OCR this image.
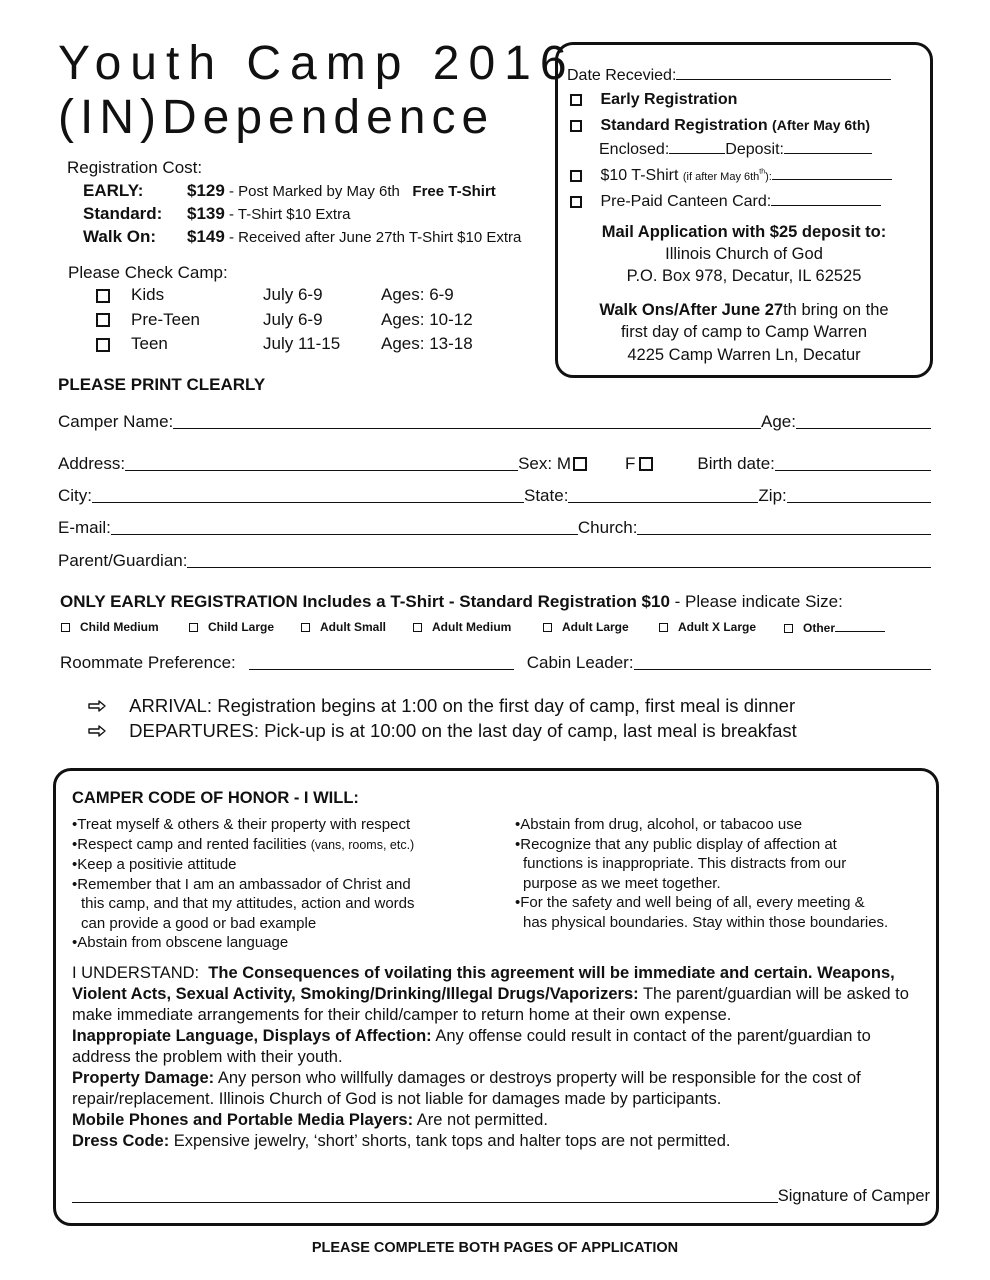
Youth Camp 2016
(IN)Dependence
Registration Cost:
EARLY:	$129 - Post Marked by May 6th Free T-Shirt
Standard: $139 - T-Shirt $10 Extra
Walk On: $149 - Received after June 27th T-Shirt $10 Extra
Please Check Camp:
Kids	July 6-9	Ages: 6-9
Pre-Teen	July 6-9	Ages: 10-12
Teen	July 11-15 Ages: 13-18
Date Recevied:
Early Registration
Standard Registration (After May 6th)
Enclosed:	Deposit:
$10 T-Shirt (if after May $6th^{th}$):
Pre-Paid Canteen Card:
Mail Application with $25 deposit to:
Illinois Church of God
P.O. Box 978, Decatur, IL 62525
Walk Ons/After June 27th bring on the
first day of camp to Camp Warren
4225 Camp Warren Ln, Decatur
PLEASE PRINT CLEARLY
Camper Name:	Age:
Address:	Sex: M	F	Birth date:
City:	State:	Zip:
E-mail:	Church:
Parent/Guardian:
ONLY EARLY REGISTRATION Includes a T-Shirt - Standard Registration $10 - Please indicate Size:
Child Medium	Child Large	Adult Small	Adult Medium	Adult Large	Adult X Large	Other
Roommate Preference:	Cabin Leader:
ARRIVAL: Registration begins at 1:00 on the first day of camp, first meal is dinner
DEPARTURES: Pick-up is at 10:00 on the last day of camp, last meal is breakfast
CAMPER CODE OF HONOR - I WILL:
•Treat myself & others & their property with respect
•Respect camp and rented facilities (vans, rooms, etc.)
•Keep a positivie attitude
•Remember that I am an ambassador of Christ and
this camp, and that my attitudes, action and words
can provide a good or bad example
•Abstain from obscene language
•Abstain from drug, alcohol, or tabacoo use
•Recognize that any public display of affection at
functions is inappropriate. This distracts from our
purpose as we meet together.
•For the safety and well being of all, every meeting &
has physical boundaries. Stay within those boundaries.
I UNDERSTAND: The Consequences of voilating this agreement will be immediate and certain. Weapons, Violent Acts, Sexual Activity, Smoking/Drinking/Illegal Drugs/Vaporizers: The parent/guardian will be asked to make immediate arrangements for their child/camper to return home at their own expense.
Inappropiate Language, Displays of Affection: Any offense could result in contact of the parent/guardian to address the problem with their youth.
Property Damage: Any person who willfully damages or destroys property will be responsible for the cost of repair/replacement. Illinois Church of God is not liable for damages made by participants.
Mobile Phones and Portable Media Players: Are not permitted.
Dress Code: Expensive jewelry, ‘short’ shorts, tank tops and halter tops are not permitted.
Signature of Camper
PLEASE COMPLETE BOTH PAGES OF APPLICATION
